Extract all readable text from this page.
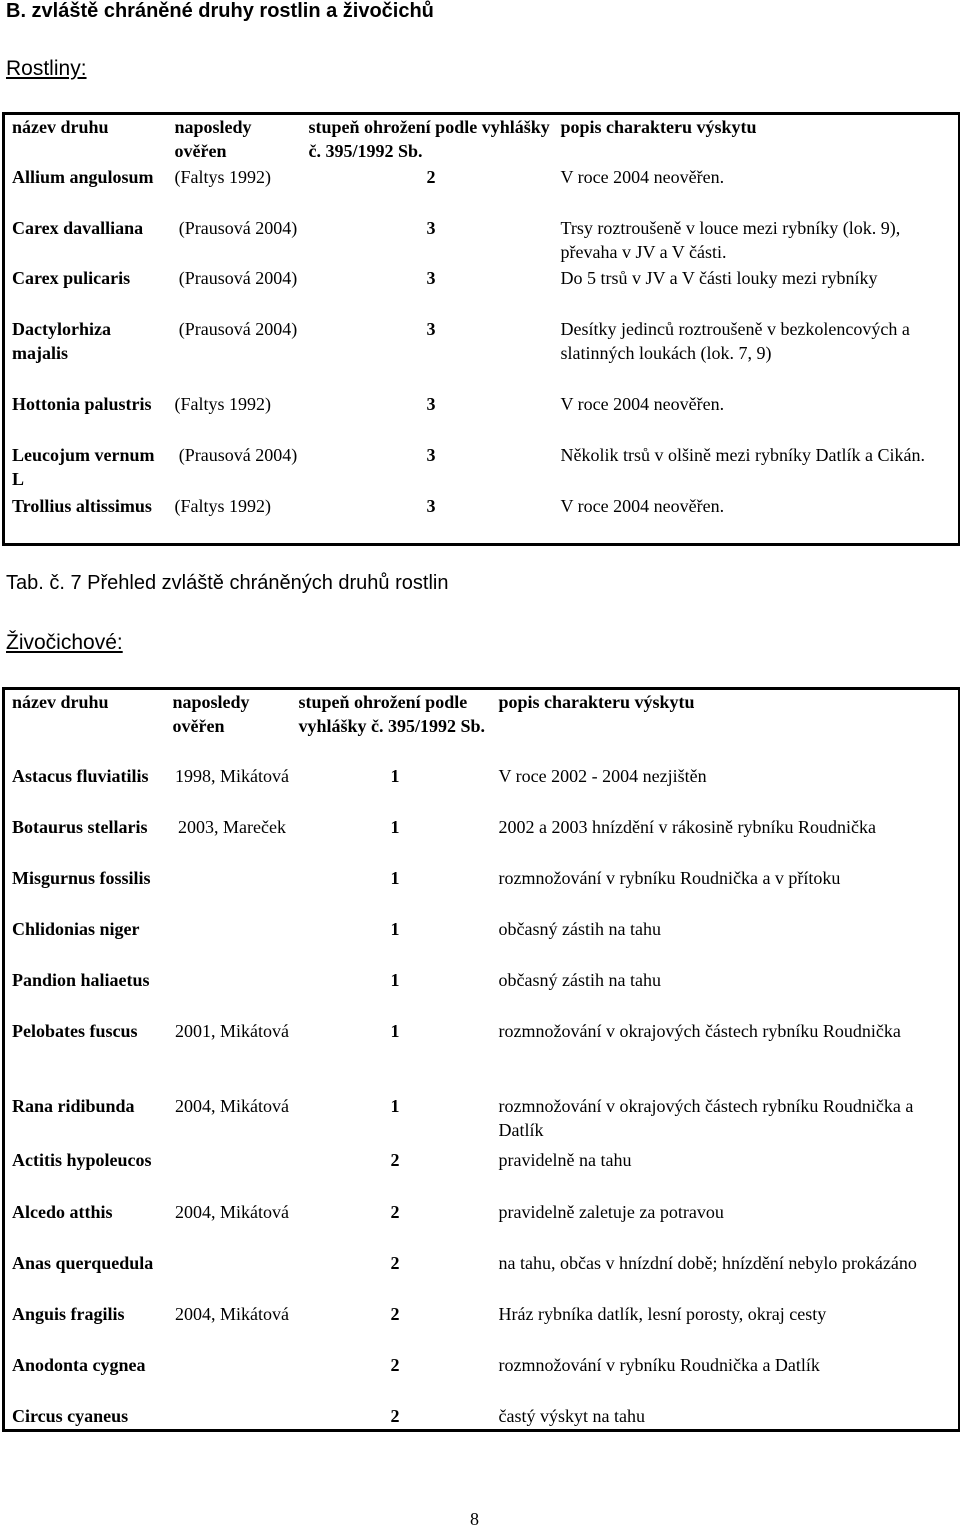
B. zvláště chráněné druhy rostlin a živočichů
Rostliny:
název druhu	naposledy ověřen	stupeň ohrožení podle vyhlášky č. 395/1992 Sb.	popis charakteru výskytu
Allium angulosum	(Faltys 1992)	2	V roce 2004 neověřen.
Carex davalliana	(Prausová 2004)	3	Trsy roztroušeně v louce mezi rybníky (lok. 9), převaha v JV a V části.
Carex pulicaris	(Prausová 2004)	3	Do 5 trsů v JV a V části louky mezi rybníky
Dactylorhiza majalis	(Prausová 2004)	3	Desítky jedinců roztroušeně v bezkolencových a slatinných loukách (lok. 7, 9)
Hottonia palustris	(Faltys 1992)	3	V roce 2004 neověřen.
Leucojum vernum L	(Prausová 2004)	3	Několik trsů v olšině mezi rybníky Datlík a Cikán.
Trollius altissimus	(Faltys 1992)	3	V roce 2004 neověřen.
Tab. č. 7 Přehled zvláště chráněných druhů rostlin
Živočichové:
název druhu	naposledy ověřen	stupeň ohrožení podle vyhlášky č. 395/1992 Sb.	popis charakteru výskytu
Astacus fluviatilis	1998, Mikátová	1	V roce 2002 - 2004 nezjištěn
Botaurus stellaris	2003, Mareček	1	2002 a 2003 hnízdění v rákosině rybníku Roudnička
Misgurnus fossilis		1	rozmnožování v rybníku Roudnička a v přítoku
Chlidonias niger		1	občasný zástih na tahu
Pandion haliaetus		1	občasný zástih na tahu
Pelobates fuscus	2001, Mikátová	1	rozmnožování v okrajových částech rybníku Roudnička
Rana ridibunda	2004, Mikátová	1	rozmnožování v okrajových částech rybníku Roudnička a Datlík
Actitis hypoleucos		2	pravidelně na tahu
Alcedo atthis	2004, Mikátová	2	pravidelně zaletuje za potravou
Anas querquedula		2	na tahu, občas v hnízdní době; hnízdění nebylo prokázáno
Anguis fragilis	2004, Mikátová	2	Hráz rybníka datlík, lesní porosty, okraj cesty
Anodonta cygnea		2	rozmnožování v rybníku Roudnička a Datlík
Circus cyaneus		2	častý výskyt na tahu
8
